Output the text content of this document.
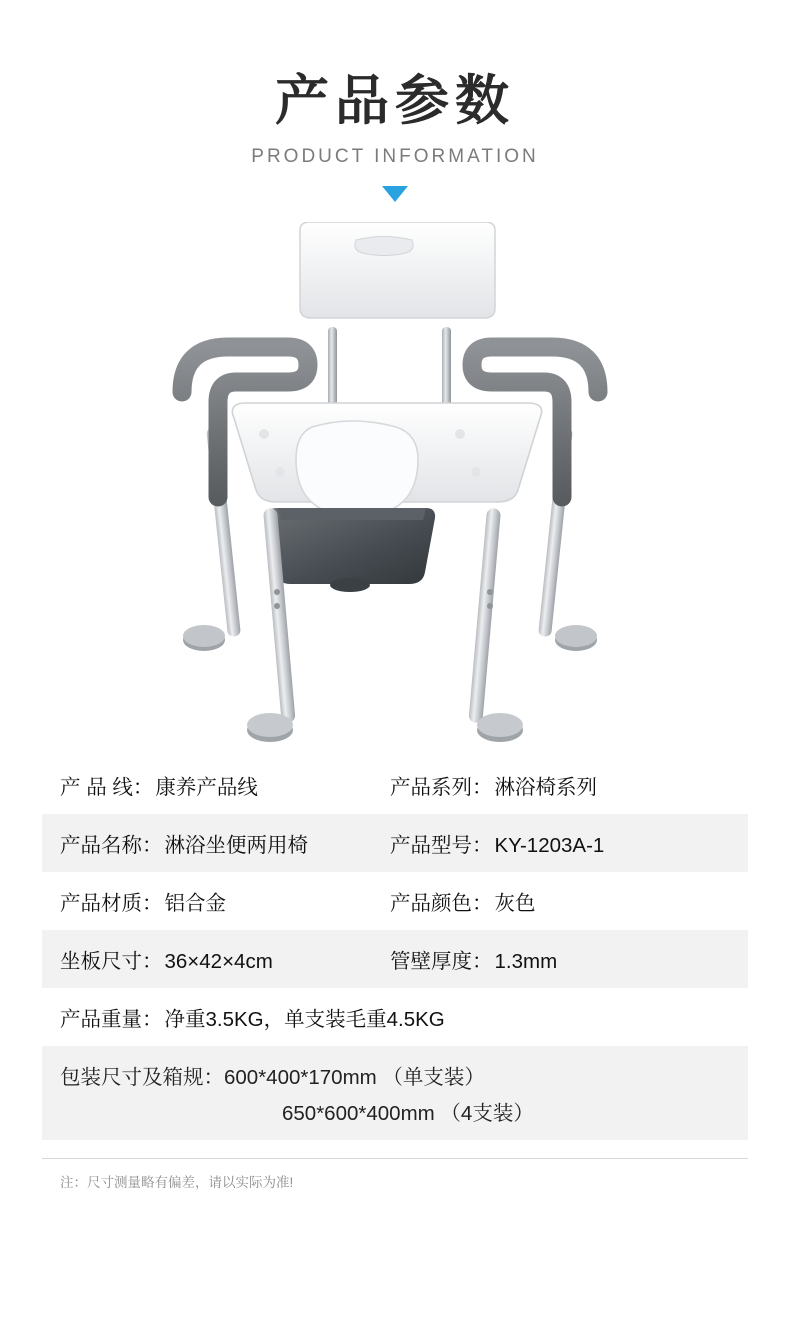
产品参数
PRODUCT INFORMATION
产 品 线： 康养产品线	产品系列： 淋浴椅系列
产品名称： 淋浴坐便两用椅	产品型号： KY-1203A-1
产品材质： 铝合金	产品颜色： 灰色
坐板尺寸： 36×42×4cm	管壁厚度： 1.3mm
产品重量： 净重3.5KG，单支装毛重4.5KG
包装尺寸及箱规： 600*400*170mm （单支装）
650*600*400mm （4支装）
注：尺寸测量略有偏差，请以实际为准!
